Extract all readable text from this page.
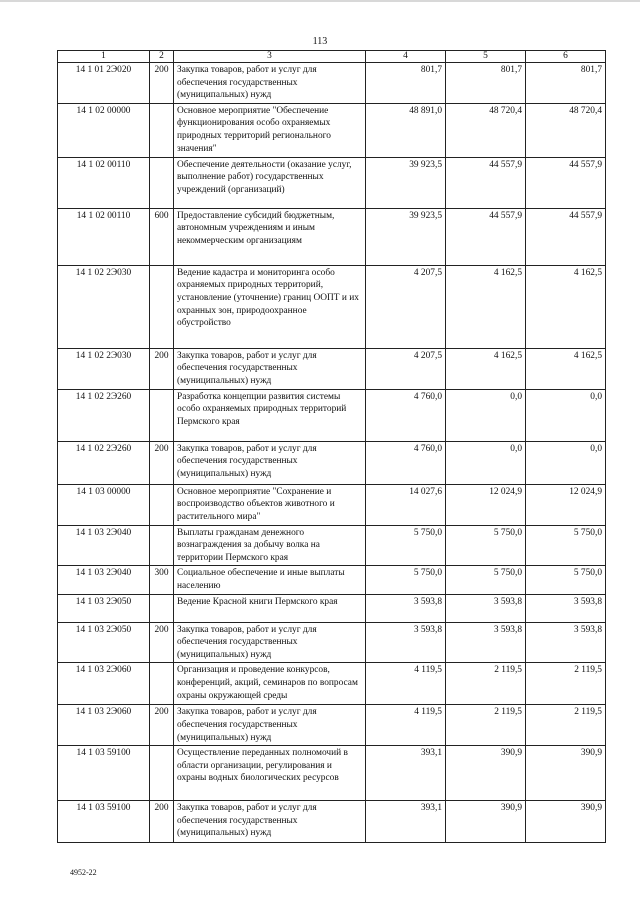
113
1	2	3	4	5	6
14 1 01 2Э020	200	Закупка товаров, работ и услуг для обеспечения государственных (муниципальных) нужд	801,7	801,7	801,7
14 1 02 00000		Основное мероприятие "Обеспечение функционирования особо охраняемых природных территорий регионального значения"	48 891,0	48 720,4	48 720,4
14 1 02 00110		Обеспечение деятельности (оказание услуг, выполнение работ) государственных учреждений (организаций)	39 923,5	44 557,9	44 557,9
14 1 02 00110	600	Предоставление субсидий бюджетным, автономным учреждениям и иным некоммерческим организациям	39 923,5	44 557,9	44 557,9
14 1 02 2Э030		Ведение кадастра и мониторинга особо охраняемых природных территорий, установление (уточнение) границ ООПТ и их охранных зон, природоохранное обустройство	4 207,5	4 162,5	4 162,5
14 1 02 2Э030	200	Закупка товаров, работ и услуг для обеспечения государственных (муниципальных) нужд	4 207,5	4 162,5	4 162,5
14 1 02 2Э260		Разработка концепции развития системы особо охраняемых природных территорий Пермского края	4 760,0	0,0	0,0
14 1 02 2Э260	200	Закупка товаров, работ и услуг для обеспечения государственных (муниципальных) нужд	4 760,0	0,0	0,0
14 1 03 00000		Основное мероприятие "Сохранение и воспроизводство объектов животного и растительного мира"	14 027,6	12 024,9	12 024,9
14 1 03 2Э040		Выплаты гражданам денежного вознаграждения за добычу волка на территории Пермского края	5 750,0	5 750,0	5 750,0
14 1 03 2Э040	300	Социальное обеспечение и иные выплаты населению	5 750,0	5 750,0	5 750,0
14 1 03 2Э050		Ведение Красной книги Пермского края	3 593,8	3 593,8	3 593,8
14 1 03 2Э050	200	Закупка товаров, работ и услуг для обеспечения государственных (муниципальных) нужд	3 593,8	3 593,8	3 593,8
14 1 03 2Э060		Организация и проведение конкурсов, конференций, акций, семинаров по вопросам охраны окружающей среды	4 119,5	2 119,5	2 119,5
14 1 03 2Э060	200	Закупка товаров, работ и услуг для обеспечения государственных (муниципальных) нужд	4 119,5	2 119,5	2 119,5
14 1 03 59100		Осуществление переданных полномочий в области организации, регулирования и охраны водных биологических ресурсов	393,1	390,9	390,9
14 1 03 59100	200	Закупка товаров, работ и услуг для обеспечения государственных (муниципальных) нужд	393,1	390,9	390,9
4952-22
